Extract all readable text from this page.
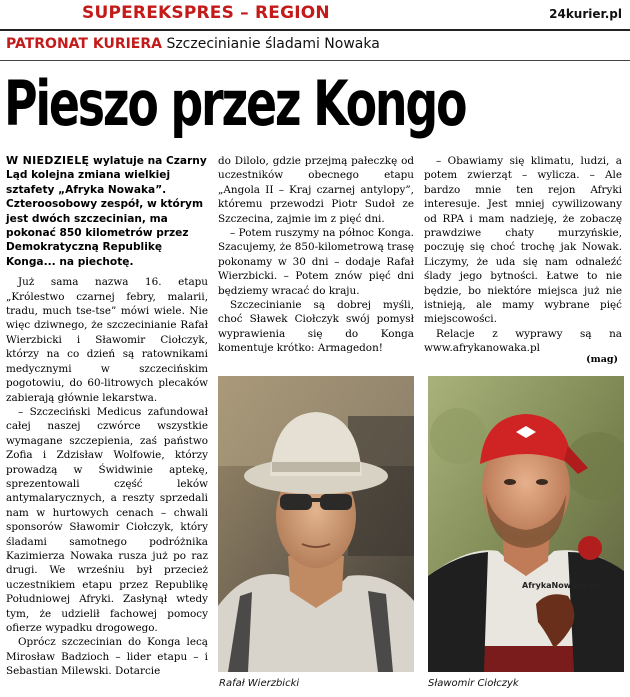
SUPEREKSPRES – REGION	24kurier.pl
PATRONAT KURIERA Szczecinianie śladami Nowaka
Pieszo przez Kongo
W NIEDZIELĘ wylatuje na Czarny Ląd kolejna zmiana wielkiej sztafety „Afryka Nowaka”. Czteroosobowy zespół, w którym jest dwóch szczecinian, ma pokonać 850 kilometrów przez Demokratyczną Republikę Konga... na piechotę.

Już sama nazwa 16. etapu „Królestwo czarnej febry, malarii, tradu, much tse-tse” mówi wiele. Nie więc dziwnego, że szczecinianie Rafał Wierzbicki i Sławomir Ciołczyk, którzy na co dzień są ratownikami medycznymi w szczecińskim pogotowiu, do 60-litrowych plecaków zabierają głównie lekarstwa.

– Szczeciński Medicus zafundował całej naszej czwórce wszystkie wymagane szczepienia, zaś państwo Zofia i Zdzisław Wolfowie, którzy prowadzą w Świdwinie aptekę, sprezentowali część leków antymalarycznych, a reszty sprzedali nam w hurtowych cenach – chwali sponsorów Sławomir Ciołczyk, który śladami samotnego podróżnika Kazimierza Nowaka rusza już po raz drugi. We wrześniu był przecież uczestnikiem etapu przez Republikę Południowej Afryki. Zasłynął wtedy tym, że udzielił fachowej pomocy ofierze wypadku drogowego.

Oprócz szczecinian do Konga lecą Mirosław Badzioch – lider etapu – i Sebastian Milewski. Dotarcie

do Dilolo, gdzie przejmą pałeczkę od uczestników obecnego etapu „Angola II – Kraj czarnej antylopy”, któremu przewodzi Piotr Sudoł ze Szczecina, zajmie im z pięć dni.

– Potem ruszymy na północ Konga. Szacujemy, że 850-kilometrową trasę pokonamy w 30 dni – dodaje Rafał Wierzbicki. – Potem znów pięć dni będziemy wracać do kraju.

Szczecinianie są dobrej myśli, choć Sławek Ciołczyk swój pomysł wyprawienia się do Konga komentuje krótko: Armagedon!

– Obawiamy się klimatu, ludzi, a potem zwierząt – wylicza. – Ale bardzo mnie ten rejon Afryki interesuje. Jest mniej cywilizowany od RPA i mam nadzieję, że zobaczę prawdziwe chaty murzyńskie, poczuję się choć trochę jak Nowak. Liczymy, że uda się nam odnaleźć ślady jego bytności. Łatwe to nie będzie, bo niektóre miejsca już nie istnieją, ale mamy wybrane pięć miejscowości.

Relacje z wyprawy są na www.afrykanowaka.pl

(mag)
Rafał Wierzbicki
AfrykaNowaka.pl
Sławomir Ciołczyk
